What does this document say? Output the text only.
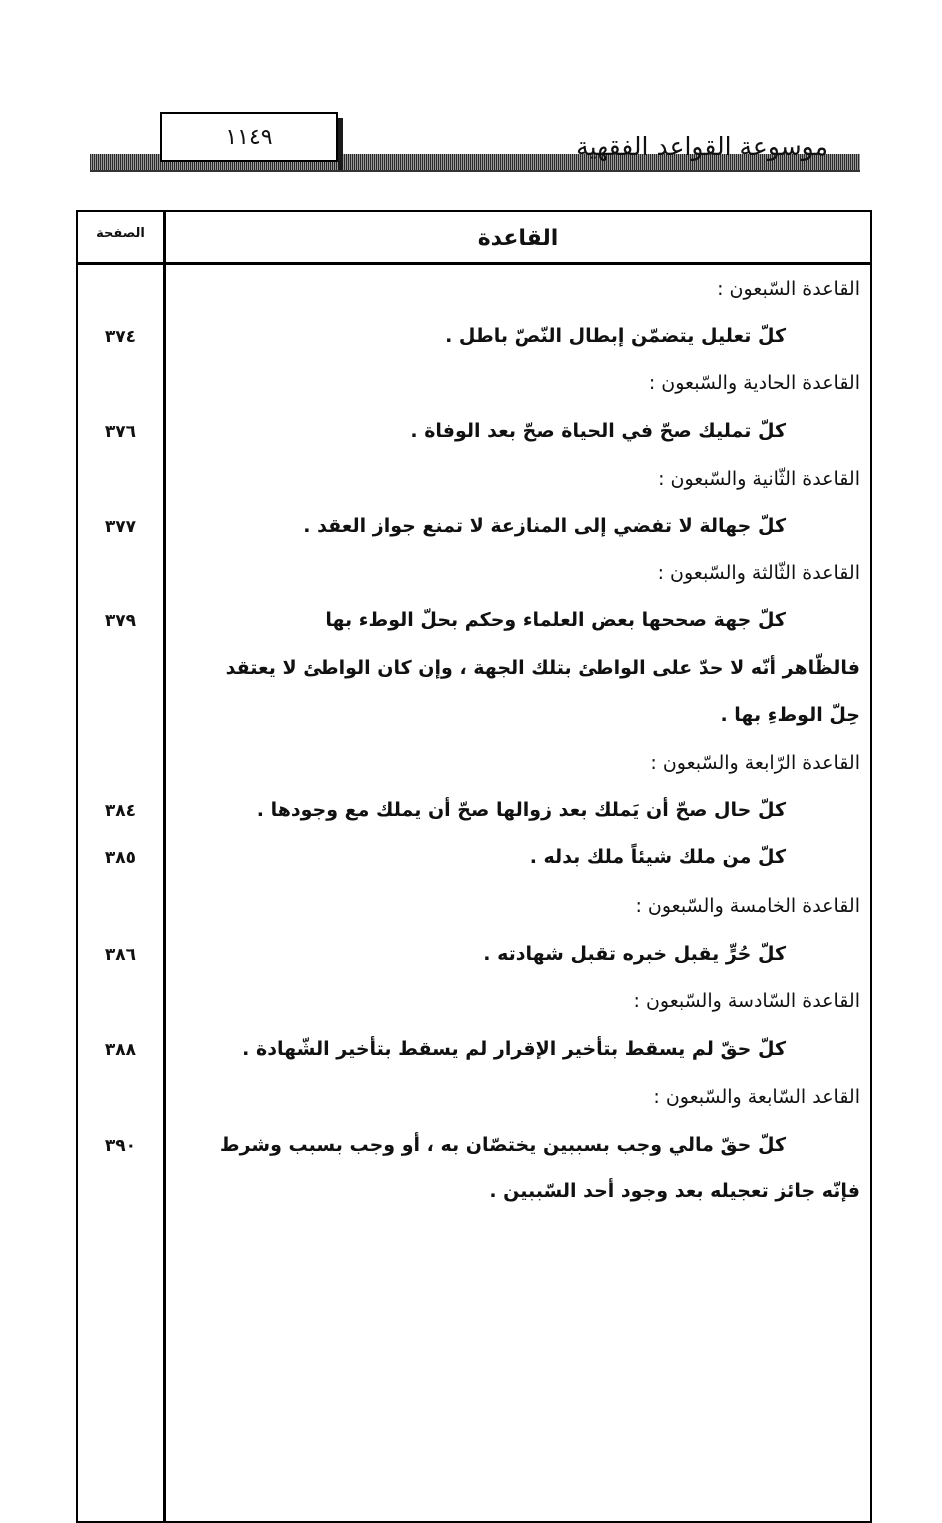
موسوعة القواعد الفقهية
١١٤٩
الصفحة	القاعدة
القاعدة السّبعون :
كلّ تعليل يتضمّن إبطال النّصّ باطل .
٣٧٤
القاعدة الحادية والسّبعون :
كلّ تمليك صحّ في الحياة صحّ بعد الوفاة .
٣٧٦
القاعدة الثّانية والسّبعون :
كلّ جهالة لا تفضي إلى المنازعة لا تمنع جواز العقد .
٣٧٧
القاعدة الثّالثة والسّبعون :
كلّ جهة صححها بعض العلماء وحكم بحلّ الوطء بها
٣٧٩
فالظّاهر أنّه لا حدّ على الواطئ بتلك الجهة ، وإن كان الواطئ لا يعتقد
حِلّ الوطءِ بها .
القاعدة الرّابعة والسّبعون :
كلّ حال صحّ أن يَملك بعد زوالها صحّ أن يملك مع وجودها .
٣٨٤
كلّ من ملك شيئاً ملك بدله .
٣٨٥
القاعدة الخامسة والسّبعون :
كلّ حُرٍّ يقبل خبره تقبل شهادته .
٣٨٦
القاعدة السّادسة والسّبعون :
كلّ حقّ لم يسقط بتأخير الإقرار لم يسقط بتأخير الشّهادة .
٣٨٨
القاعد السّابعة والسّبعون :
كلّ حقّ مالي وجب بسببين يختصّان به ، أو وجب بسبب وشرط
٣٩٠
فإنّه جائز تعجيله بعد وجود أحد السّببين .
